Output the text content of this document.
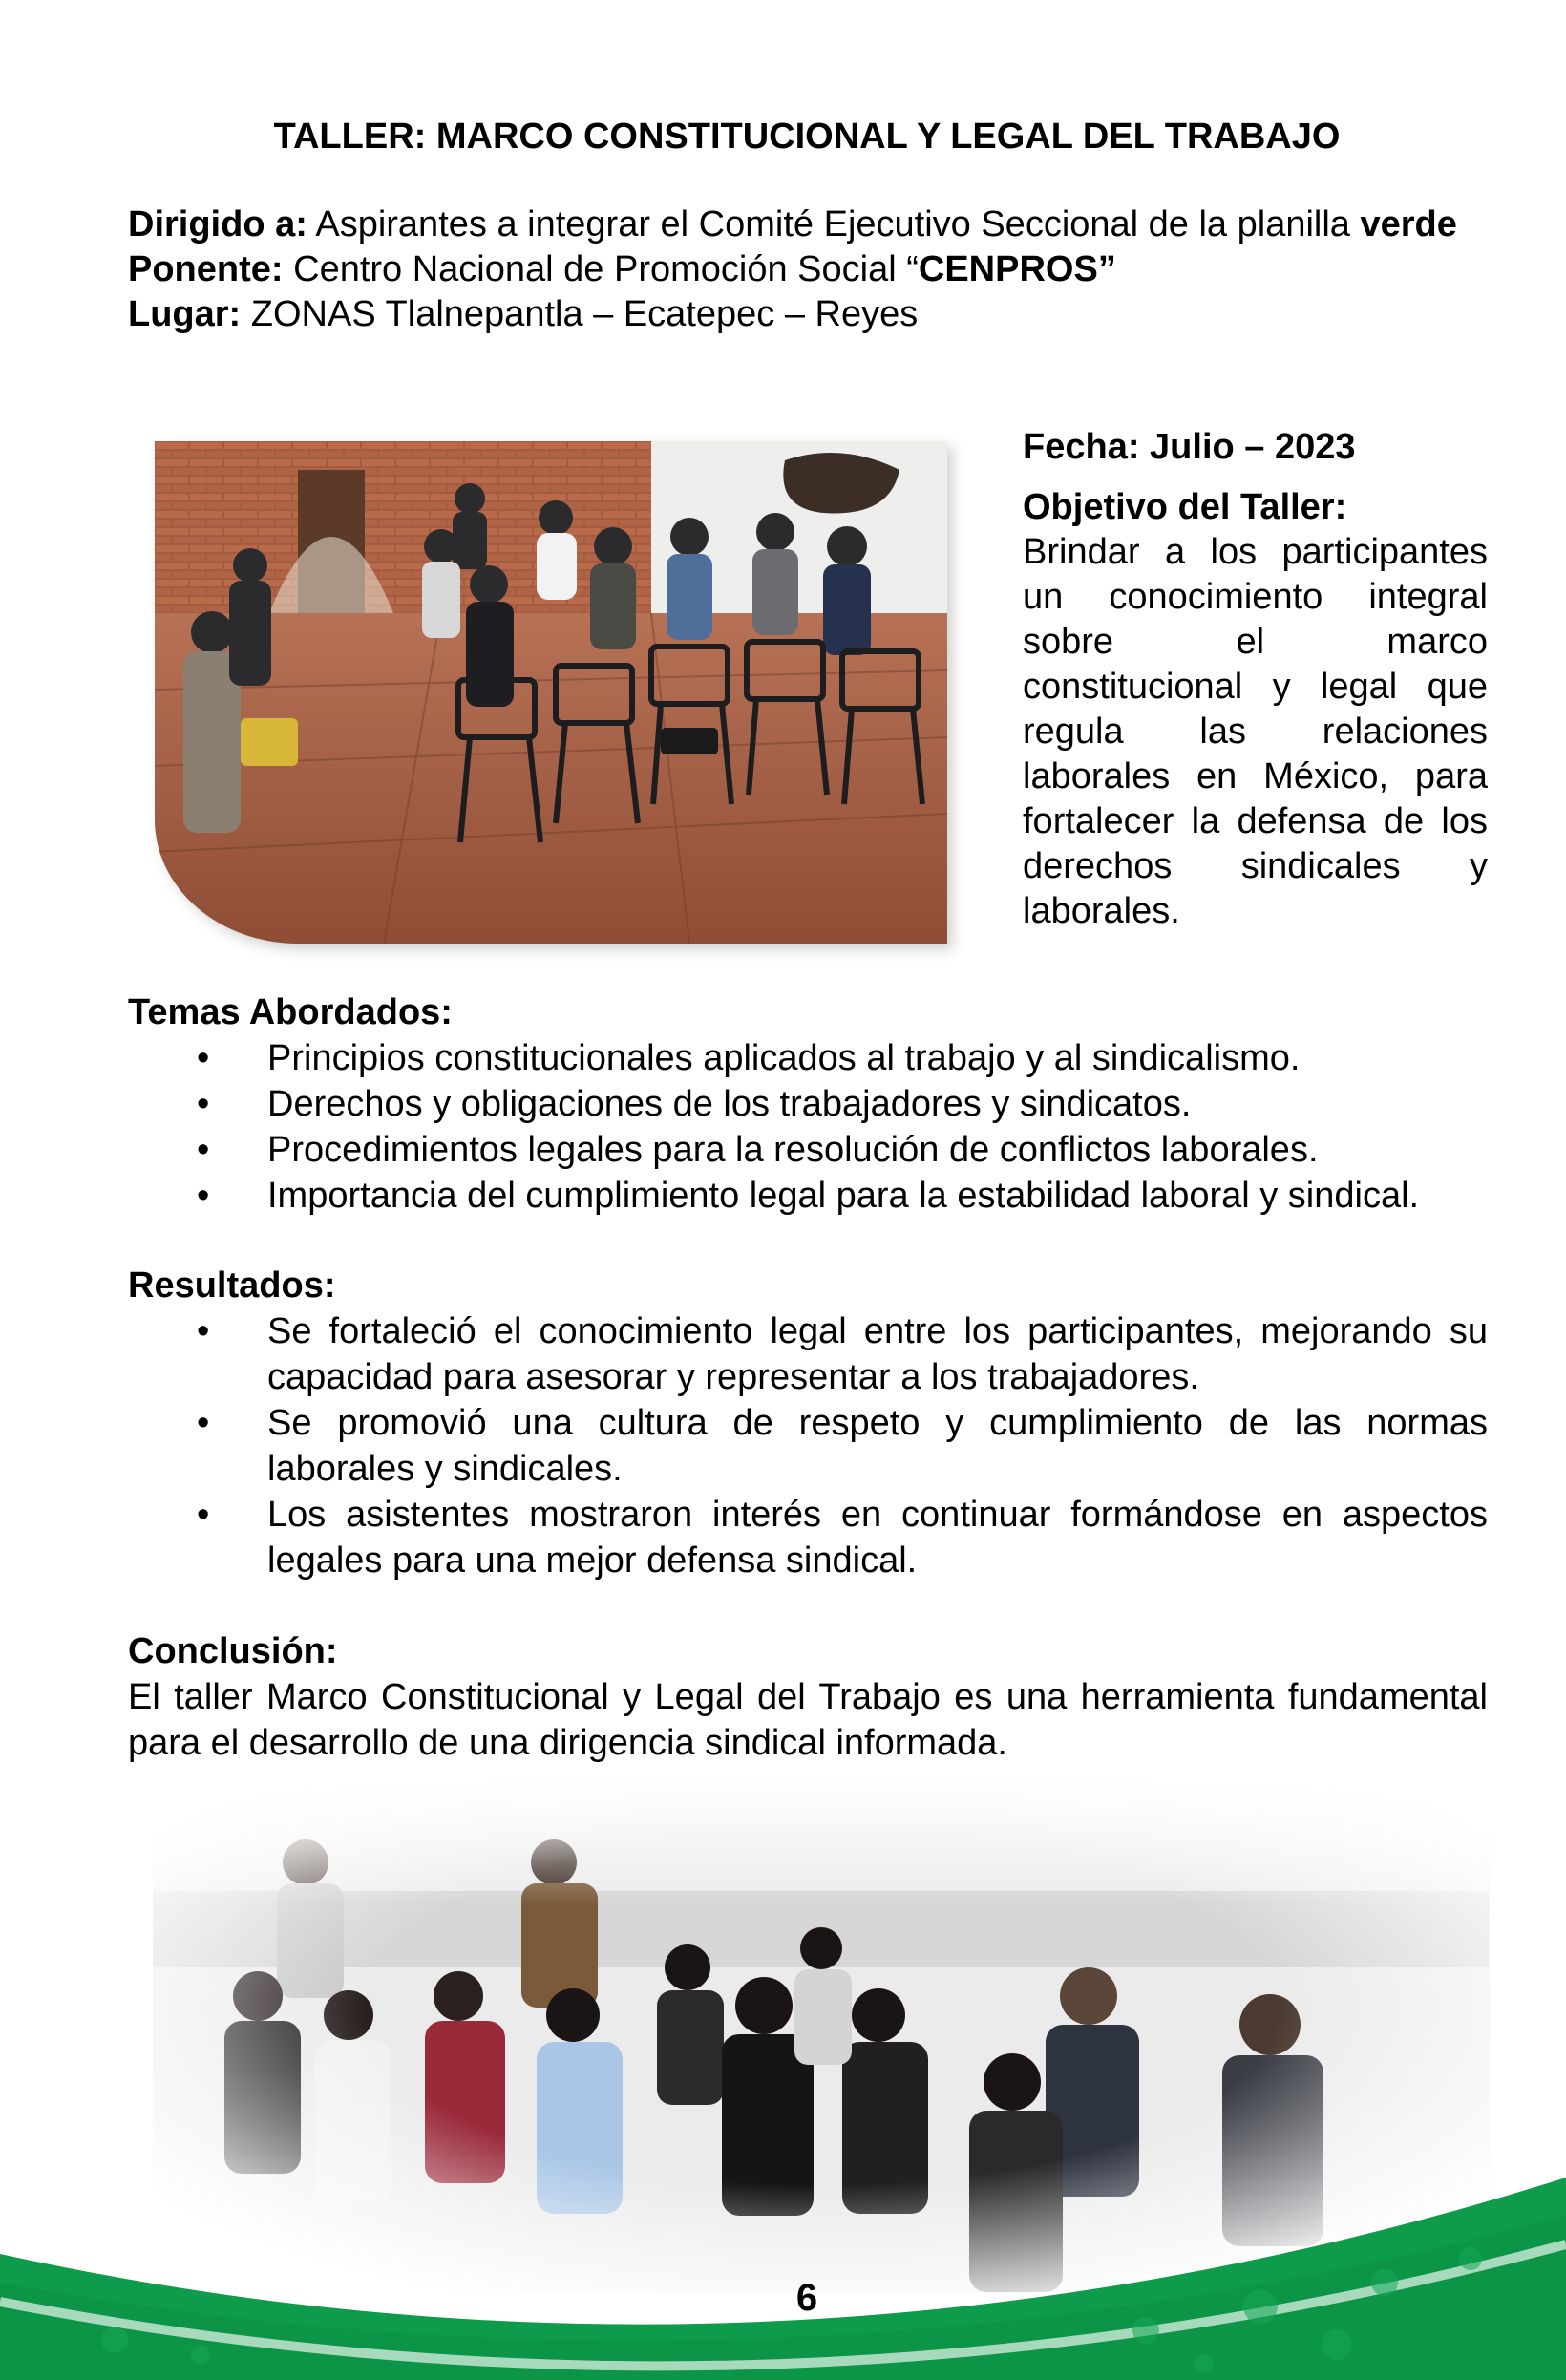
TALLER: MARCO CONSTITUCIONAL Y LEGAL DEL TRABAJO
Dirigido a: Aspirantes a integrar el Comité Ejecutivo Seccional de la planilla verde
Ponente: Centro Nacional de Promoción Social “CENPROS”
Lugar: ZONAS Tlalnepantla – Ecatepec – Reyes
Fecha: Julio – 2023
Objetivo del Taller:
Brindar a los participantes un conocimiento integral sobre el marco constitucional y legal que regula las relaciones laborales en México, para fortalecer la defensa de los derechos sindicales y laborales.
Temas Abordados:
• Principios constitucionales aplicados al trabajo y al sindicalismo.
• Derechos y obligaciones de los trabajadores y sindicatos.
• Procedimientos legales para la resolución de conflictos laborales.
• Importancia del cumplimiento legal para la estabilidad laboral y sindical.
Resultados:
• Se fortaleció el conocimiento legal entre los participantes, mejorando su capacidad para asesorar y representar a los trabajadores.
• Se promovió una cultura de respeto y cumplimiento de las normas laborales y sindicales.
• Los asistentes mostraron interés en continuar formándose en aspectos legales para una mejor defensa sindical.
Conclusión:
El taller Marco Constitucional y Legal del Trabajo es una herramienta fundamental para el desarrollo de una dirigencia sindical informada.
6
